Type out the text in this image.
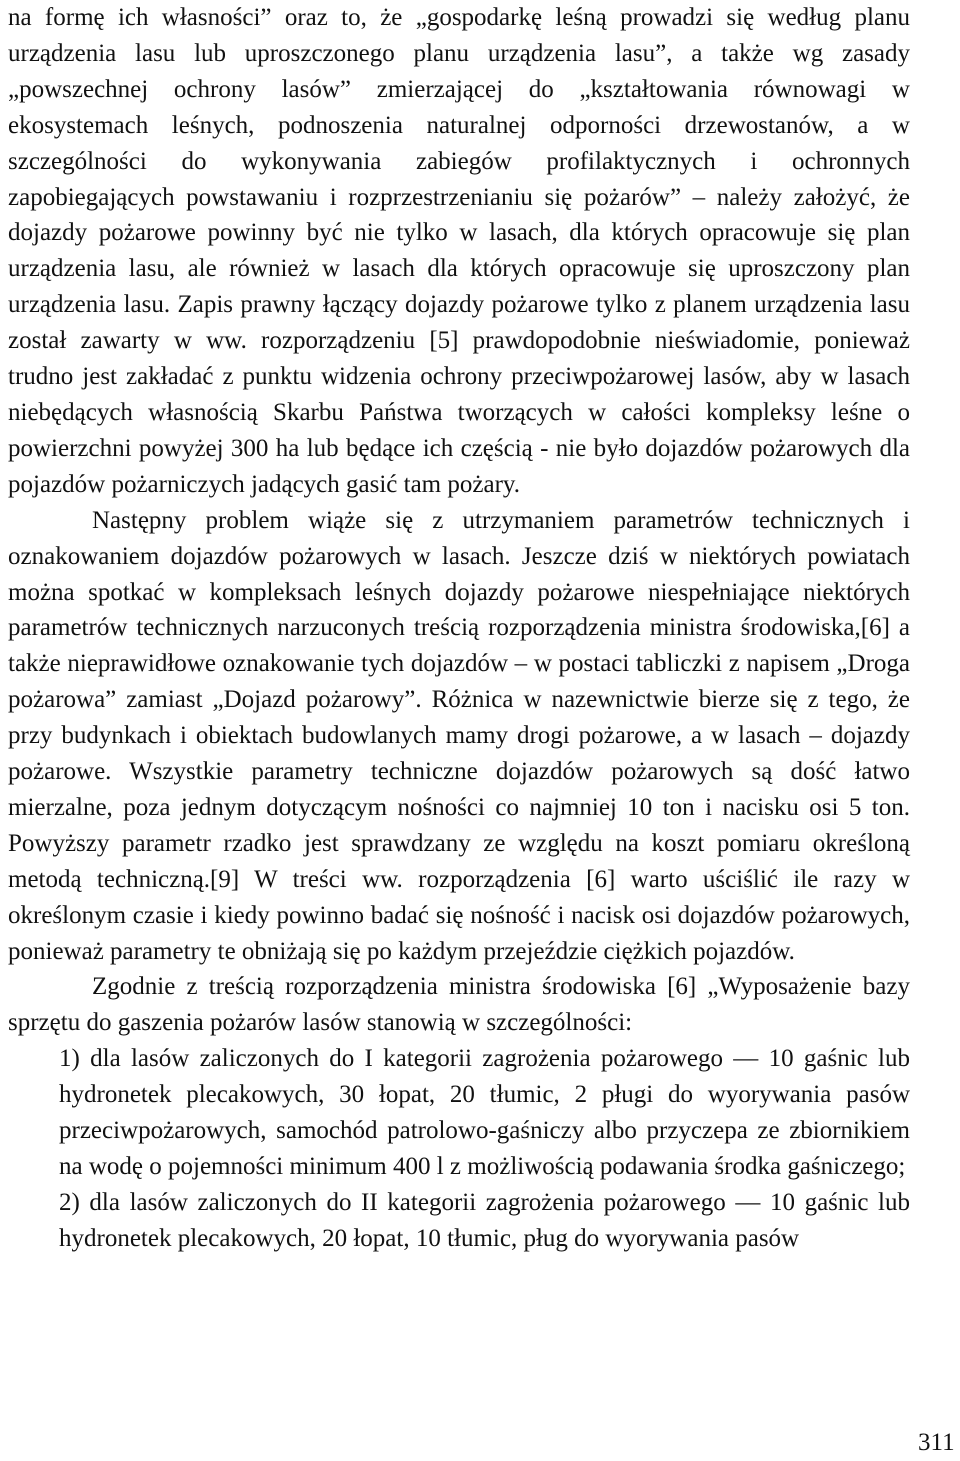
na formę ich własności” oraz to, że „gospodarkę leśną prowadzi się według planu urządzenia lasu lub uproszczonego planu urządzenia lasu”, a także wg zasady „powszechnej ochrony lasów” zmierzającej do „kształtowania równowagi w ekosystemach leśnych, podnoszenia naturalnej odporności drzewostanów, a w szczególności do wykonywania zabiegów profilaktycznych i ochronnych zapobiegających powstawaniu i rozprzestrzenianiu się pożarów” – należy założyć, że dojazdy pożarowe powinny być nie tylko w lasach, dla których opracowuje się plan urządzenia lasu, ale również w lasach dla których opracowuje się uproszczony plan urządzenia lasu. Zapis prawny łączący dojazdy pożarowe tylko z planem urządzenia lasu został zawarty w ww. rozporządzeniu [5] prawdopodobnie nieświadomie, ponieważ trudno jest zakładać z punktu widzenia ochrony przeciwpożarowej lasów, aby w lasach niebędących własnością Skarbu Państwa tworzących w całości kompleksy leśne o powierzchni powyżej 300 ha lub będące ich częścią - nie było dojazdów pożarowych dla pojazdów pożarniczych jadących gasić tam pożary.

Następny problem wiąże się z utrzymaniem parametrów technicznych i oznakowaniem dojazdów pożarowych w lasach. Jeszcze dziś w niektórych powiatach można spotkać w kompleksach leśnych dojazdy pożarowe niespełniające niektórych parametrów technicznych narzuconych treścią rozporządzenia ministra środowiska,[6] a także nieprawidłowe oznakowanie tych dojazdów – w postaci tabliczki z napisem „Droga pożarowa” zamiast „Dojazd pożarowy”. Różnica w nazewnictwie bierze się z tego, że przy budynkach i obiektach budowlanych mamy drogi pożarowe, a w lasach – dojazdy pożarowe. Wszystkie parametry techniczne dojazdów pożarowych są dość łatwo mierzalne, poza jednym dotyczącym nośności co najmniej 10 ton i nacisku osi 5 ton. Powyższy parametr rzadko jest sprawdzany ze względu na koszt pomiaru określoną metodą techniczną.[9] W treści ww. rozporządzenia [6] warto uściślić ile razy w określonym czasie i kiedy powinno badać się nośność i nacisk osi dojazdów pożarowych, ponieważ parametry te obniżają się po każdym przejeździe ciężkich pojazdów.

Zgodnie z treścią rozporządzenia ministra środowiska [6] „Wyposażenie bazy sprzętu do gaszenia pożarów lasów stanowią w szczególności:

1) dla lasów zaliczonych do I kategorii zagrożenia pożarowego — 10 gaśnic lub hydronetek plecakowych, 30 łopat, 20 tłumic, 2 pługi do wyorywania pasów przeciwpożarowych, samochód patrolowo-gaśniczy albo przyczepa ze zbiornikiem na wodę o pojemności minimum 400 l z możliwością podawania środka gaśniczego;

2) dla lasów zaliczonych do II kategorii zagrożenia pożarowego — 10 gaśnic lub hydronetek plecakowych, 20 łopat, 10 tłumic, pług do wyorywania pasów

311
